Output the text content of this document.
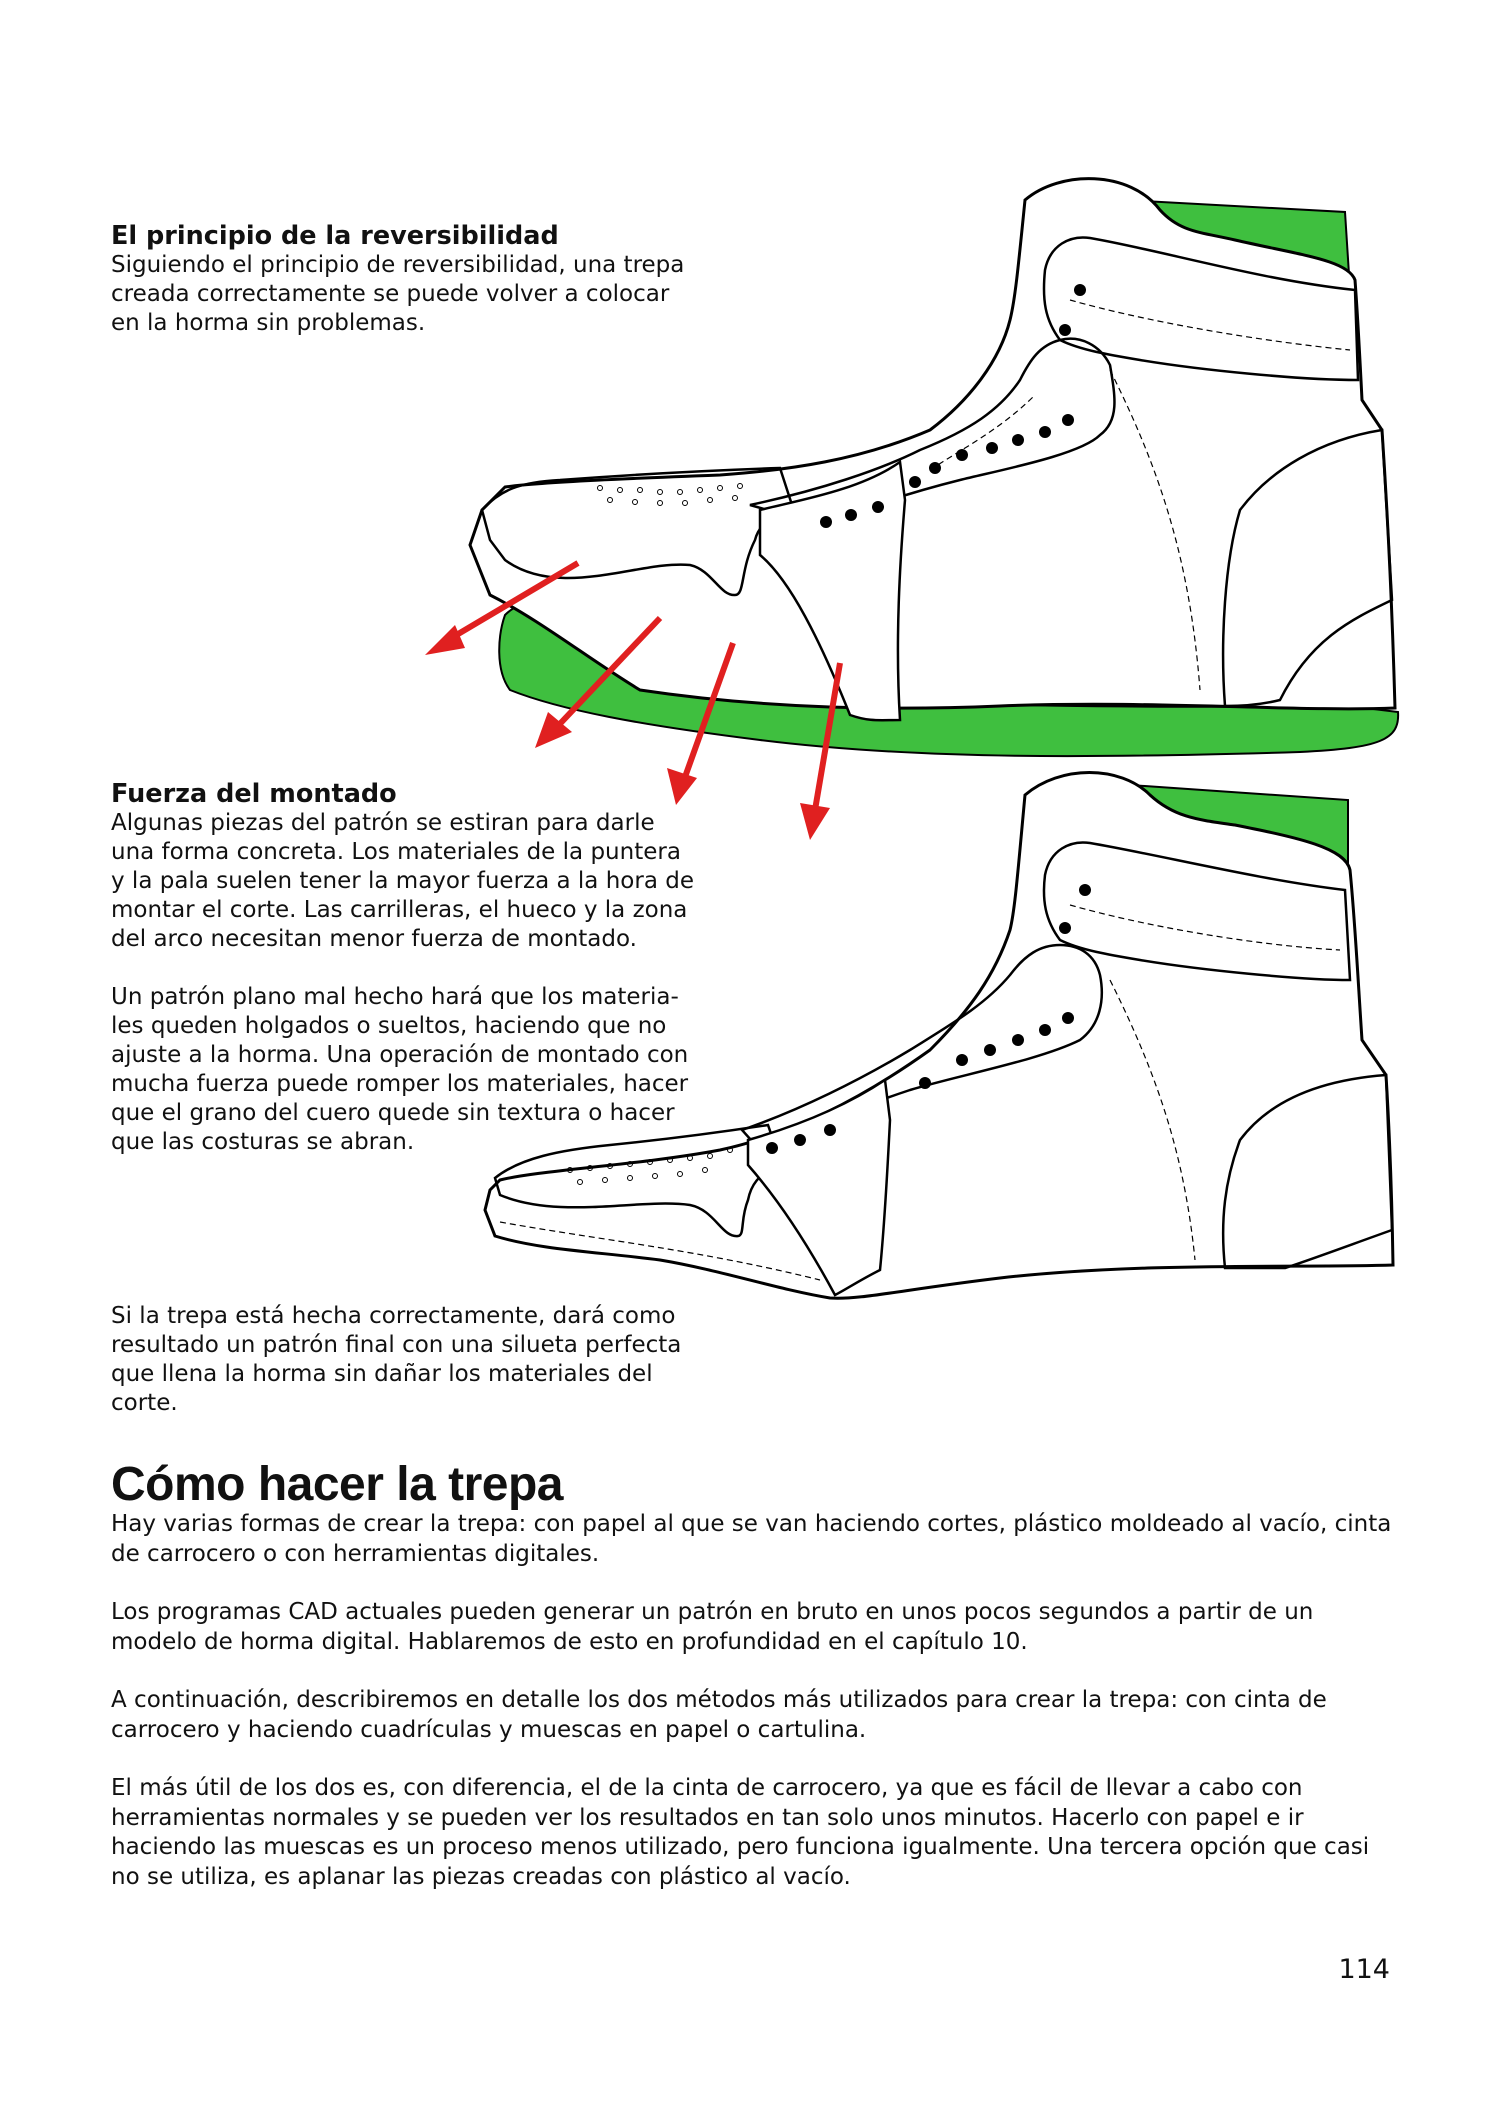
El principio de la reversibilidad

Siguiendo el principio de reversibilidad, una trepa
creada correctamente se puede volver a colocar
en la horma sin problemas.

Fuerza del montado

Algunas piezas del patrón se estiran para darle
una forma concreta. Los materiales de la puntera
y la pala suelen tener la mayor fuerza a la hora de
montar el corte. Las carrilleras, el hueco y la zona
del arco necesitan menor fuerza de montado.

Un patrón plano mal hecho hará que los materia-
les queden holgados o sueltos, haciendo que no
ajuste a la horma. Una operación de montado con
mucha fuerza puede romper los materiales, hacer
que el grano del cuero quede sin textura o hacer
que las costuras se abran.

Si la trepa está hecha correctamente, dará como
resultado un patrón final con una silueta perfecta
que llena la horma sin dañar los materiales del
corte.

Cómo hacer la trepa

Hay varias formas de crear la trepa: con papel al que se van haciendo cortes, plástico moldeado al vacío, cinta de carrocero o con herramientas digitales.

Los programas CAD actuales pueden generar un patrón en bruto en unos pocos segundos a partir de un modelo de horma digital. Hablaremos de esto en profundidad en el capítulo 10.

A continuación, describiremos en detalle los dos métodos más utilizados para crear la trepa: con cinta de carrocero y haciendo cuadrículas y muescas en papel o cartulina.

El más útil de los dos es, con diferencia, el de la cinta de carrocero, ya que es fácil de llevar a cabo con herramientas normales y se pueden ver los resultados en tan solo unos minutos. Hacerlo con papel e ir haciendo las muescas es un proceso menos utilizado, pero funciona igualmente. Una tercera opción que casi no se utiliza, es aplanar las piezas creadas con plástico al vacío.

114
